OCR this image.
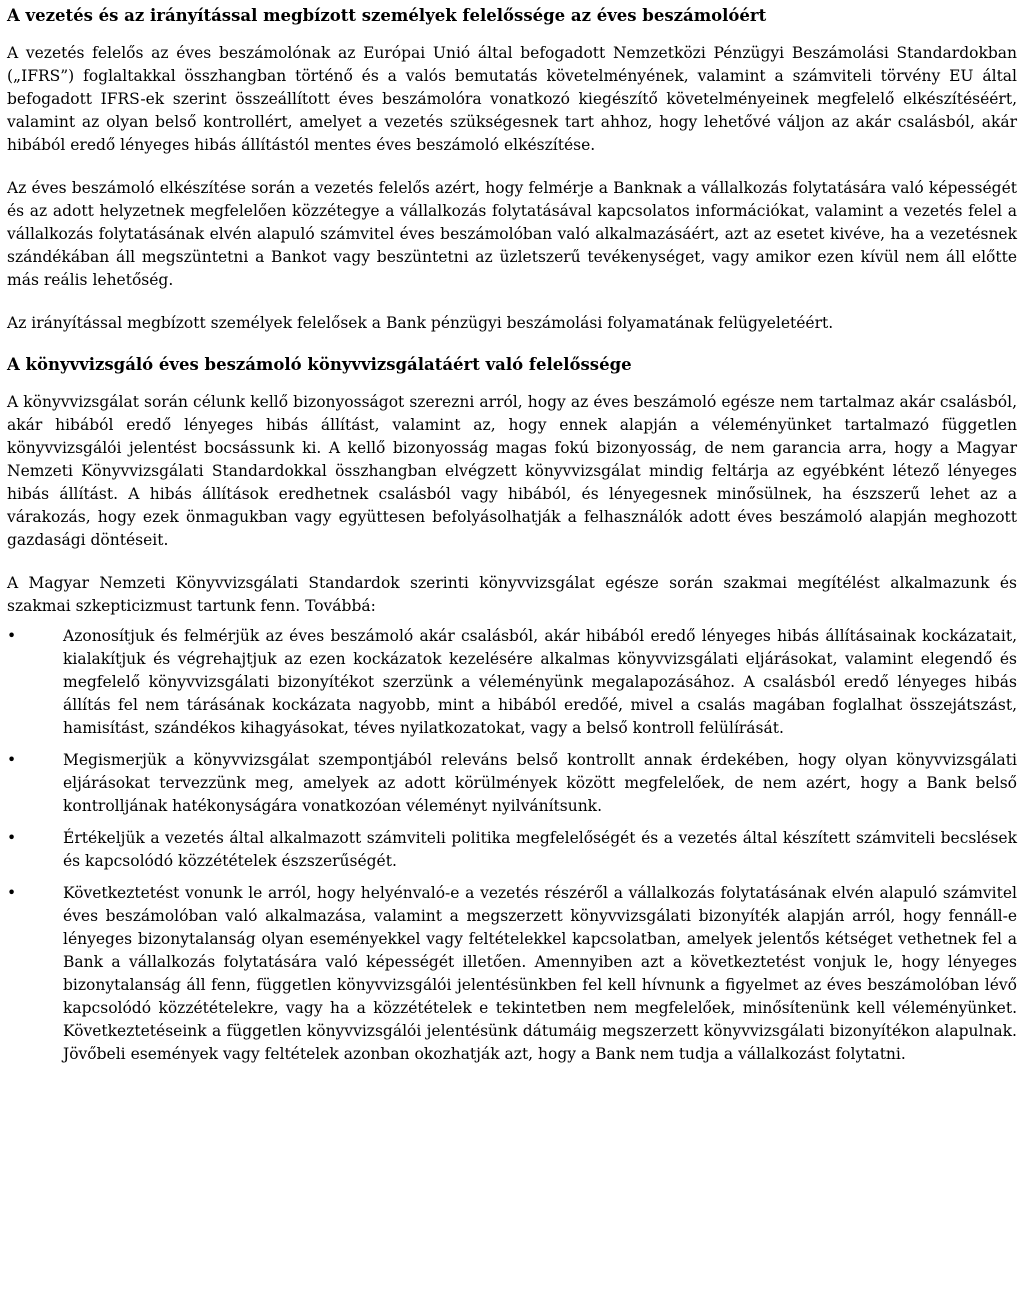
A vezetés és az irányítással megbízott személyek felelőssége az éves beszámolóért

A vezetés felelős az éves beszámolónak az Európai Unió által befogadott Nemzetközi Pénzügyi Beszámolási Standardokban („IFRS”) foglaltakkal összhangban történő és a valós bemutatás követelményének, valamint a számviteli törvény EU által befogadott IFRS-ek szerint összeállított éves beszámolóra vonatkozó kiegészítő követelményeinek megfelelő elkészítéséért, valamint az olyan belső kontrollért, amelyet a vezetés szükségesnek tart ahhoz, hogy lehetővé váljon az akár csalásból, akár hibából eredő lényeges hibás állítástól mentes éves beszámoló elkészítése.

Az éves beszámoló elkészítése során a vezetés felelős azért, hogy felmérje a Banknak a vállalkozás folytatására való képességét és az adott helyzetnek megfelelően közzétegye a vállalkozás folytatásával kapcsolatos információkat, valamint a vezetés felel a vállalkozás folytatásának elvén alapuló számvitel éves beszámolóban való alkalmazásáért, azt az esetet kivéve, ha a vezetésnek szándékában áll megszüntetni a Bankot vagy beszüntetni az üzletszerű tevékenységet, vagy amikor ezen kívül nem áll előtte más reális lehetőség.

Az irányítással megbízott személyek felelősek a Bank pénzügyi beszámolási folyamatának felügyeletéért.

A könyvvizsgáló éves beszámoló könyvvizsgálatáért való felelőssége

A könyvvizsgálat során célunk kellő bizonyosságot szerezni arról, hogy az éves beszámoló egésze nem tartalmaz akár csalásból, akár hibából eredő lényeges hibás állítást, valamint az, hogy ennek alapján a véleményünket tartalmazó független könyvvizsgálói jelentést bocsássunk ki. A kellő bizonyosság magas fokú bizonyosság, de nem garancia arra, hogy a Magyar Nemzeti Könyvvizsgálati Standardokkal összhangban elvégzett könyvvizsgálat mindig feltárja az egyébként létező lényeges hibás állítást. A hibás állítások eredhetnek csalásból vagy hibából, és lényegesnek minősülnek, ha észszerű lehet az a várakozás, hogy ezek önmagukban vagy együttesen befolyásolhatják a felhasználók adott éves beszámoló alapján meghozott gazdasági döntéseit.

A Magyar Nemzeti Könyvvizsgálati Standardok szerinti könyvvizsgálat egésze során szakmai megítélést alkalmazunk és szakmai szkepticizmust tartunk fenn. Továbbá:

•	Azonosítjuk és felmérjük az éves beszámoló akár csalásból, akár hibából eredő lényeges hibás állításainak kockázatait, kialakítjuk és végrehajtjuk az ezen kockázatok kezelésére alkalmas könyvvizsgálati eljárásokat, valamint elegendő és megfelelő könyvvizsgálati bizonyítékot szerzünk a véleményünk megalapozásához. A csalásból eredő lényeges hibás állítás fel nem tárásának kockázata nagyobb, mint a hibából eredőé, mivel a csalás magában foglalhat összejátszást, hamisítást, szándékos kihagyásokat, téves nyilatkozatokat, vagy a belső kontroll felülírását.
•	Megismerjük a könyvvizsgálat szempontjából releváns belső kontrollt annak érdekében, hogy olyan könyvvizsgálati eljárásokat tervezzünk meg, amelyek az adott körülmények között megfelelőek, de nem azért, hogy a Bank belső kontrolljának hatékonyságára vonatkozóan véleményt nyilvánítsunk.
•	Értékeljük a vezetés által alkalmazott számviteli politika megfelelőségét és a vezetés által készített számviteli becslések és kapcsolódó közzétételek észszerűségét.
•	Következtetést vonunk le arról, hogy helyénvaló-e a vezetés részéről a vállalkozás folytatásának elvén alapuló számvitel éves beszámolóban való alkalmazása, valamint a megszerzett könyvvizsgálati bizonyíték alapján arról, hogy fennáll-e lényeges bizonytalanság olyan eseményekkel vagy feltételekkel kapcsolatban, amelyek jelentős kétséget vethetnek fel a Bank a vállalkozás folytatására való képességét illetően. Amennyiben azt a következtetést vonjuk le, hogy lényeges bizonytalanság áll fenn, független könyvvizsgálói jelentésünkben fel kell hívnunk a figyelmet az éves beszámolóban lévő kapcsolódó közzétételekre, vagy ha a közzétételek e tekintetben nem megfelelőek, minősítenünk kell véleményünket. Következtetéseink a független könyvvizsgálói jelentésünk dátumáig megszerzett könyvvizsgálati bizonyítékon alapulnak. Jövőbeli események vagy feltételek azonban okozhatják azt, hogy a Bank nem tudja a vállalkozást folytatni.
